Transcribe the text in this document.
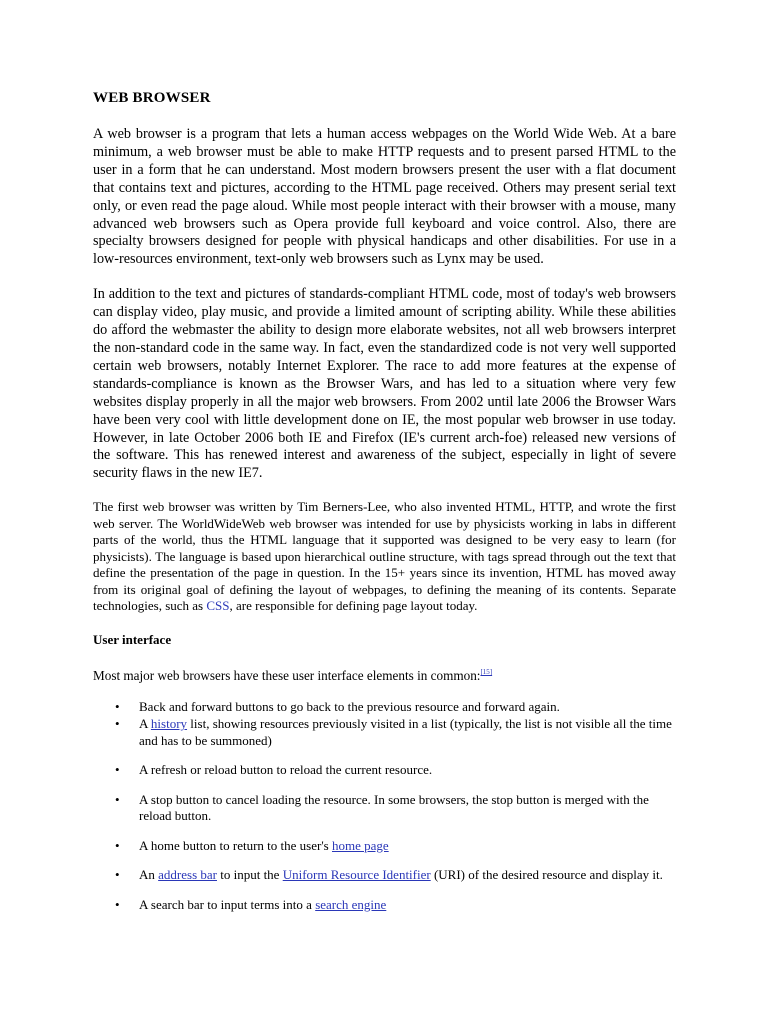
WEB BROWSER

A web browser is a program that lets a human access webpages on the World Wide Web. At a bare minimum, a web browser must be able to make HTTP requests and to present parsed HTML to the user in a form that he can understand. Most modern browsers present the user with a flat document that contains text and pictures, according to the HTML page received. Others may present serial text only, or even read the page aloud. While most people interact with their browser with a mouse, many advanced web browsers such as Opera provide full keyboard and voice control. Also, there are specialty browsers designed for people with physical handicaps and other disabilities. For use in a low-resources environment, text-only web browsers such as Lynx may be used.

In addition to the text and pictures of standards-compliant HTML code, most of today's web browsers can display video, play music, and provide a limited amount of scripting ability. While these abilities do afford the webmaster the ability to design more elaborate websites, not all web browsers interpret the non-standard code in the same way. In fact, even the standardized code is not very well supported certain web browsers, notably Internet Explorer. The race to add more features at the expense of standards-compliance is known as the Browser Wars, and has led to a situation where very few websites display properly in all the major web browsers. From 2002 until late 2006 the Browser Wars have been very cool with little development done on IE, the most popular web browser in use today. However, in late October 2006 both IE and Firefox (IE's current arch-foe) released new versions of the software. This has renewed interest and awareness of the subject, especially in light of severe security flaws in the new IE7.

The first web browser was written by Tim Berners-Lee, who also invented HTML, HTTP, and wrote the first web server. The WorldWideWeb web browser was intended for use by physicists working in labs in different parts of the world, thus the HTML language that it supported was designed to be very easy to learn (for physicists). The language is based upon hierarchical outline structure, with tags spread through out the text that define the presentation of the page in question. In the 15+ years since its invention, HTML has moved away from its original goal of defining the layout of webpages, to defining the meaning of its contents. Separate technologies, such as CSS, are responsible for defining page layout today.

User interface

Most major web browsers have these user interface elements in common:[15]

• Back and forward buttons to go back to the previous resource and forward again.
• A history list, showing resources previously visited in a list (typically, the list is not visible all the time and has to be summoned)
• A refresh or reload button to reload the current resource.
• A stop button to cancel loading the resource. In some browsers, the stop button is merged with the reload button.
• A home button to return to the user's home page
• An address bar to input the Uniform Resource Identifier (URI) of the desired resource and display it.
• A search bar to input terms into a search engine
